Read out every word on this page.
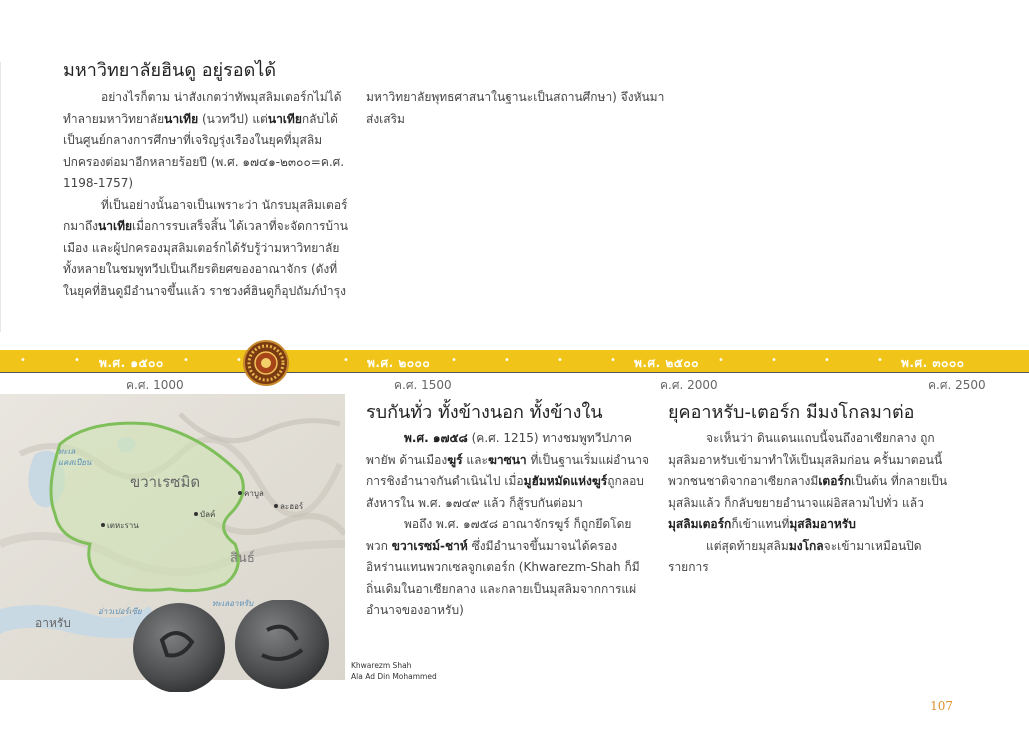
มหาวิทยาลัยฮินดู อยู่รอดได้

อย่างไรก็ตาม น่าสังเกตว่าทัพมุสลิมเตอร์กไม่ได้ทำลายมหาวิทยาลัยนาเทีย (นวทวีป) แต่นาเทียกลับได้เป็นศูนย์กลางการศึกษาที่เจริญรุ่งเรืองในยุคที่มุสลิมปกครองต่อมาอีกหลายร้อยปี (พ.ศ. ๑๗๔๑-๒๓๐๐=ค.ศ. 1198-1757)

ที่เป็นอย่างนั้นอาจเป็นเพราะว่า นักรบมุสลิมเตอร์กมาถึงนาเทียเมื่อการรบเสร็จสิ้น ได้เวลาที่จะจัดการบ้านเมือง และผู้ปกครองมุสลิมเตอร์กได้รับรู้ว่ามหาวิทยาลัยทั้งหลายในชมพูทวีปเป็นเกียรติยศของอาณาจักร (ดังที่ในยุคที่ฮินดูมีอำนาจขึ้นแล้ว ราชวงศ์ฮินดูก็อุปถัมภ์บำรุง

มหาวิทยาลัยพุทธศาสนาในฐานะเป็นสถานศึกษา) จึงหันมาส่งเสริม

•	• พ.ศ. ๑๕๐๐ •	•	• พ.ศ. ๒๐๐๐ •	•	•	• พ.ศ. ๒๕๐๐ •	•	•	• พ.ศ. ๓๐๐๐
ค.ศ. 1000	ค.ศ. 1500	ค.ศ. 2000	ค.ศ. 2500
ทะเลแคสเปียน
ขวาเรซมิด
คาบูล
บัลค์
ละฮอร์
เตหะราน
สินธ์
อาหรับ
อ่าวเปอร์เซีย
ทะเลอาหรับ
Khwarezm Shah
Ala Ad Din Mohammed
รบกันทั่ว ทั้งข้างนอก ทั้งข้างใน

พ.ศ. ๑๗๕๘ (ค.ศ. 1215) ทางชมพูทวีปภาคพายัพ ด้านเมืองฆูร์ และฆาซนา ที่เป็นฐานเริ่มแผ่อำนาจการชิงอำนาจกันดำเนินไป เมื่อมูฮัมหมัดแห่งฆูร์ถูกลอบสังหารใน พ.ศ. ๑๗๔๙ แล้ว ก็สู้รบกันต่อมา

พอถึง พ.ศ. ๑๗๕๘ อาณาจักรฆูร์ ก็ถูกยึดโดยพวก ขวาเรซม์-ชาห์ ซึ่งมีอำนาจขึ้นมาจนได้ครองอิหร่านแทนพวกเซลจูกเตอร์ก (Khwarezm-Shah ก็มีถิ่นเดิมในอาเซียกลาง และกลายเป็นมุสลิมจากการแผ่อำนาจของอาหรับ)

ยุคอาหรับ-เตอร์ก มีมงโกลมาต่อ

จะเห็นว่า ดินแดนแถบนี้จนถึงอาเซียกลาง ถูกมุสลิมอาหรับเข้ามาทำให้เป็นมุสลิมก่อน ครั้นมาตอนนี้ พวกชนชาติจากอาเซียกลางมีเตอร์กเป็นต้น ที่กลายเป็นมุสลิมแล้ว ก็กลับขยายอำนาจแผ่อิสลามไปทั่ว แล้วมุสลิมเตอร์กก็เข้าแทนที่มุสลิมอาหรับ

แต่สุดท้ายมุสลิมมงโกลจะเข้ามาเหมือนปิดรายการ

107
